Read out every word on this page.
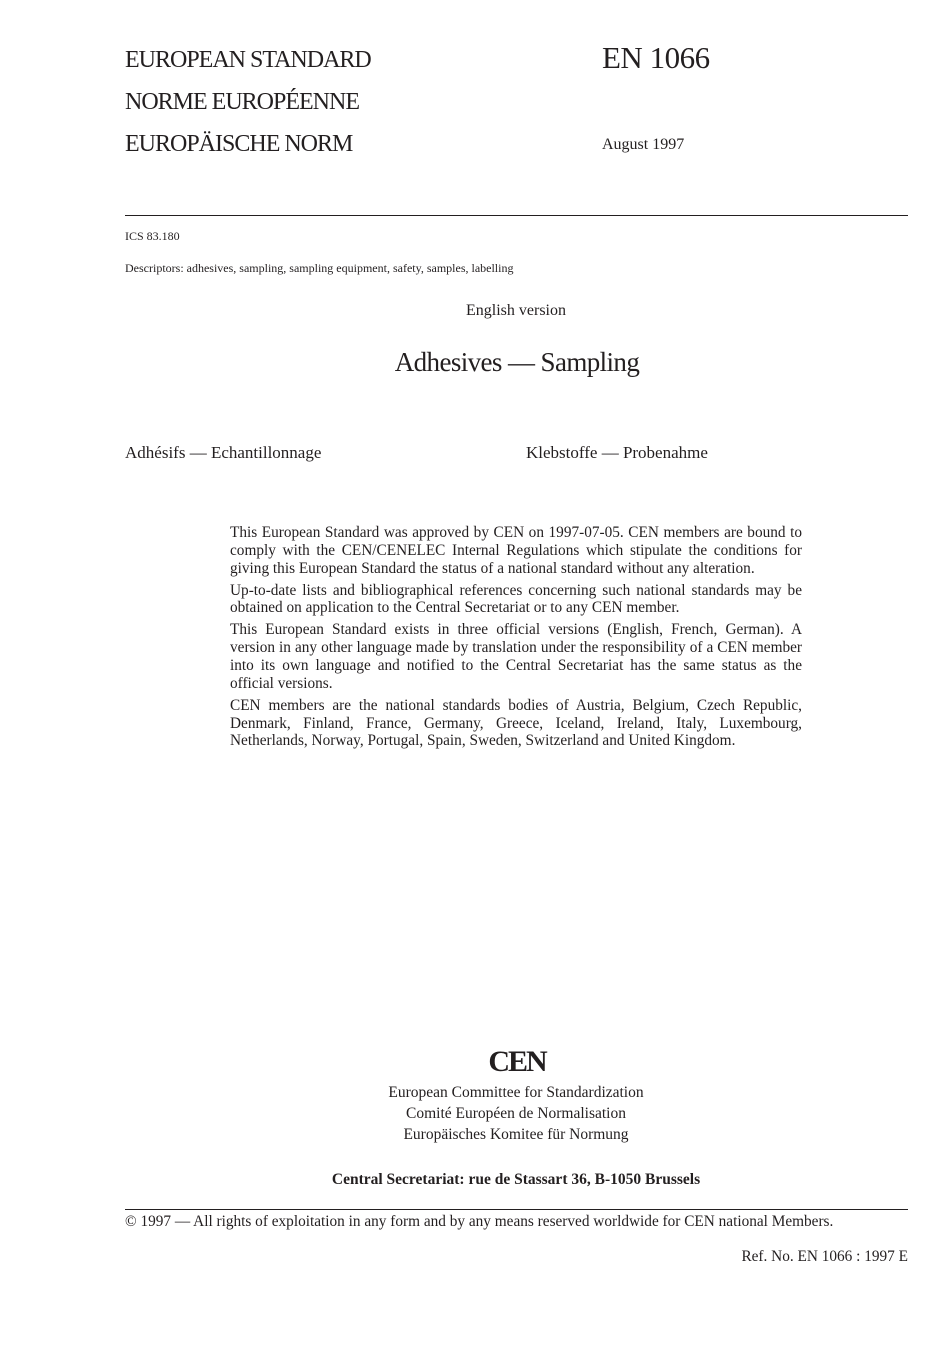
EUROPEAN STANDARD
NORME EUROPÉENNE
EUROPÄISCHE NORM
EN 1066
August 1997
ICS 83.180
Descriptors: adhesives, sampling, sampling equipment, safety, samples, labelling
English version
Adhesives — Sampling
Adhésifs — Echantillonnage	Klebstoffe — Probenahme

This European Standard was approved by CEN on 1997-07-05. CEN members are bound to comply with the CEN/CENELEC Internal Regulations which stipulate the conditions for giving this European Standard the status of a national standard without any alteration.

Up-to-date lists and bibliographical references concerning such national standards may be obtained on application to the Central Secretariat or to any CEN member.

This European Standard exists in three official versions (English, French, German). A version in any other language made by translation under the responsibility of a CEN member into its own language and notified to the Central Secretariat has the same status as the official versions.

CEN members are the national standards bodies of Austria, Belgium, Czech Republic, Denmark, Finland, France, Germany, Greece, Iceland, Ireland, Italy, Luxembourg, Netherlands, Norway, Portugal, Spain, Sweden, Switzerland and United Kingdom.

CEN
European Committee for Standardization
Comité Européen de Normalisation
Europäisches Komitee für Normung
Central Secretariat: rue de Stassart 36, B-1050 Brussels
© 1997 — All rights of exploitation in any form and by any means reserved worldwide for CEN national Members.
Ref. No. EN 1066 : 1997 E
